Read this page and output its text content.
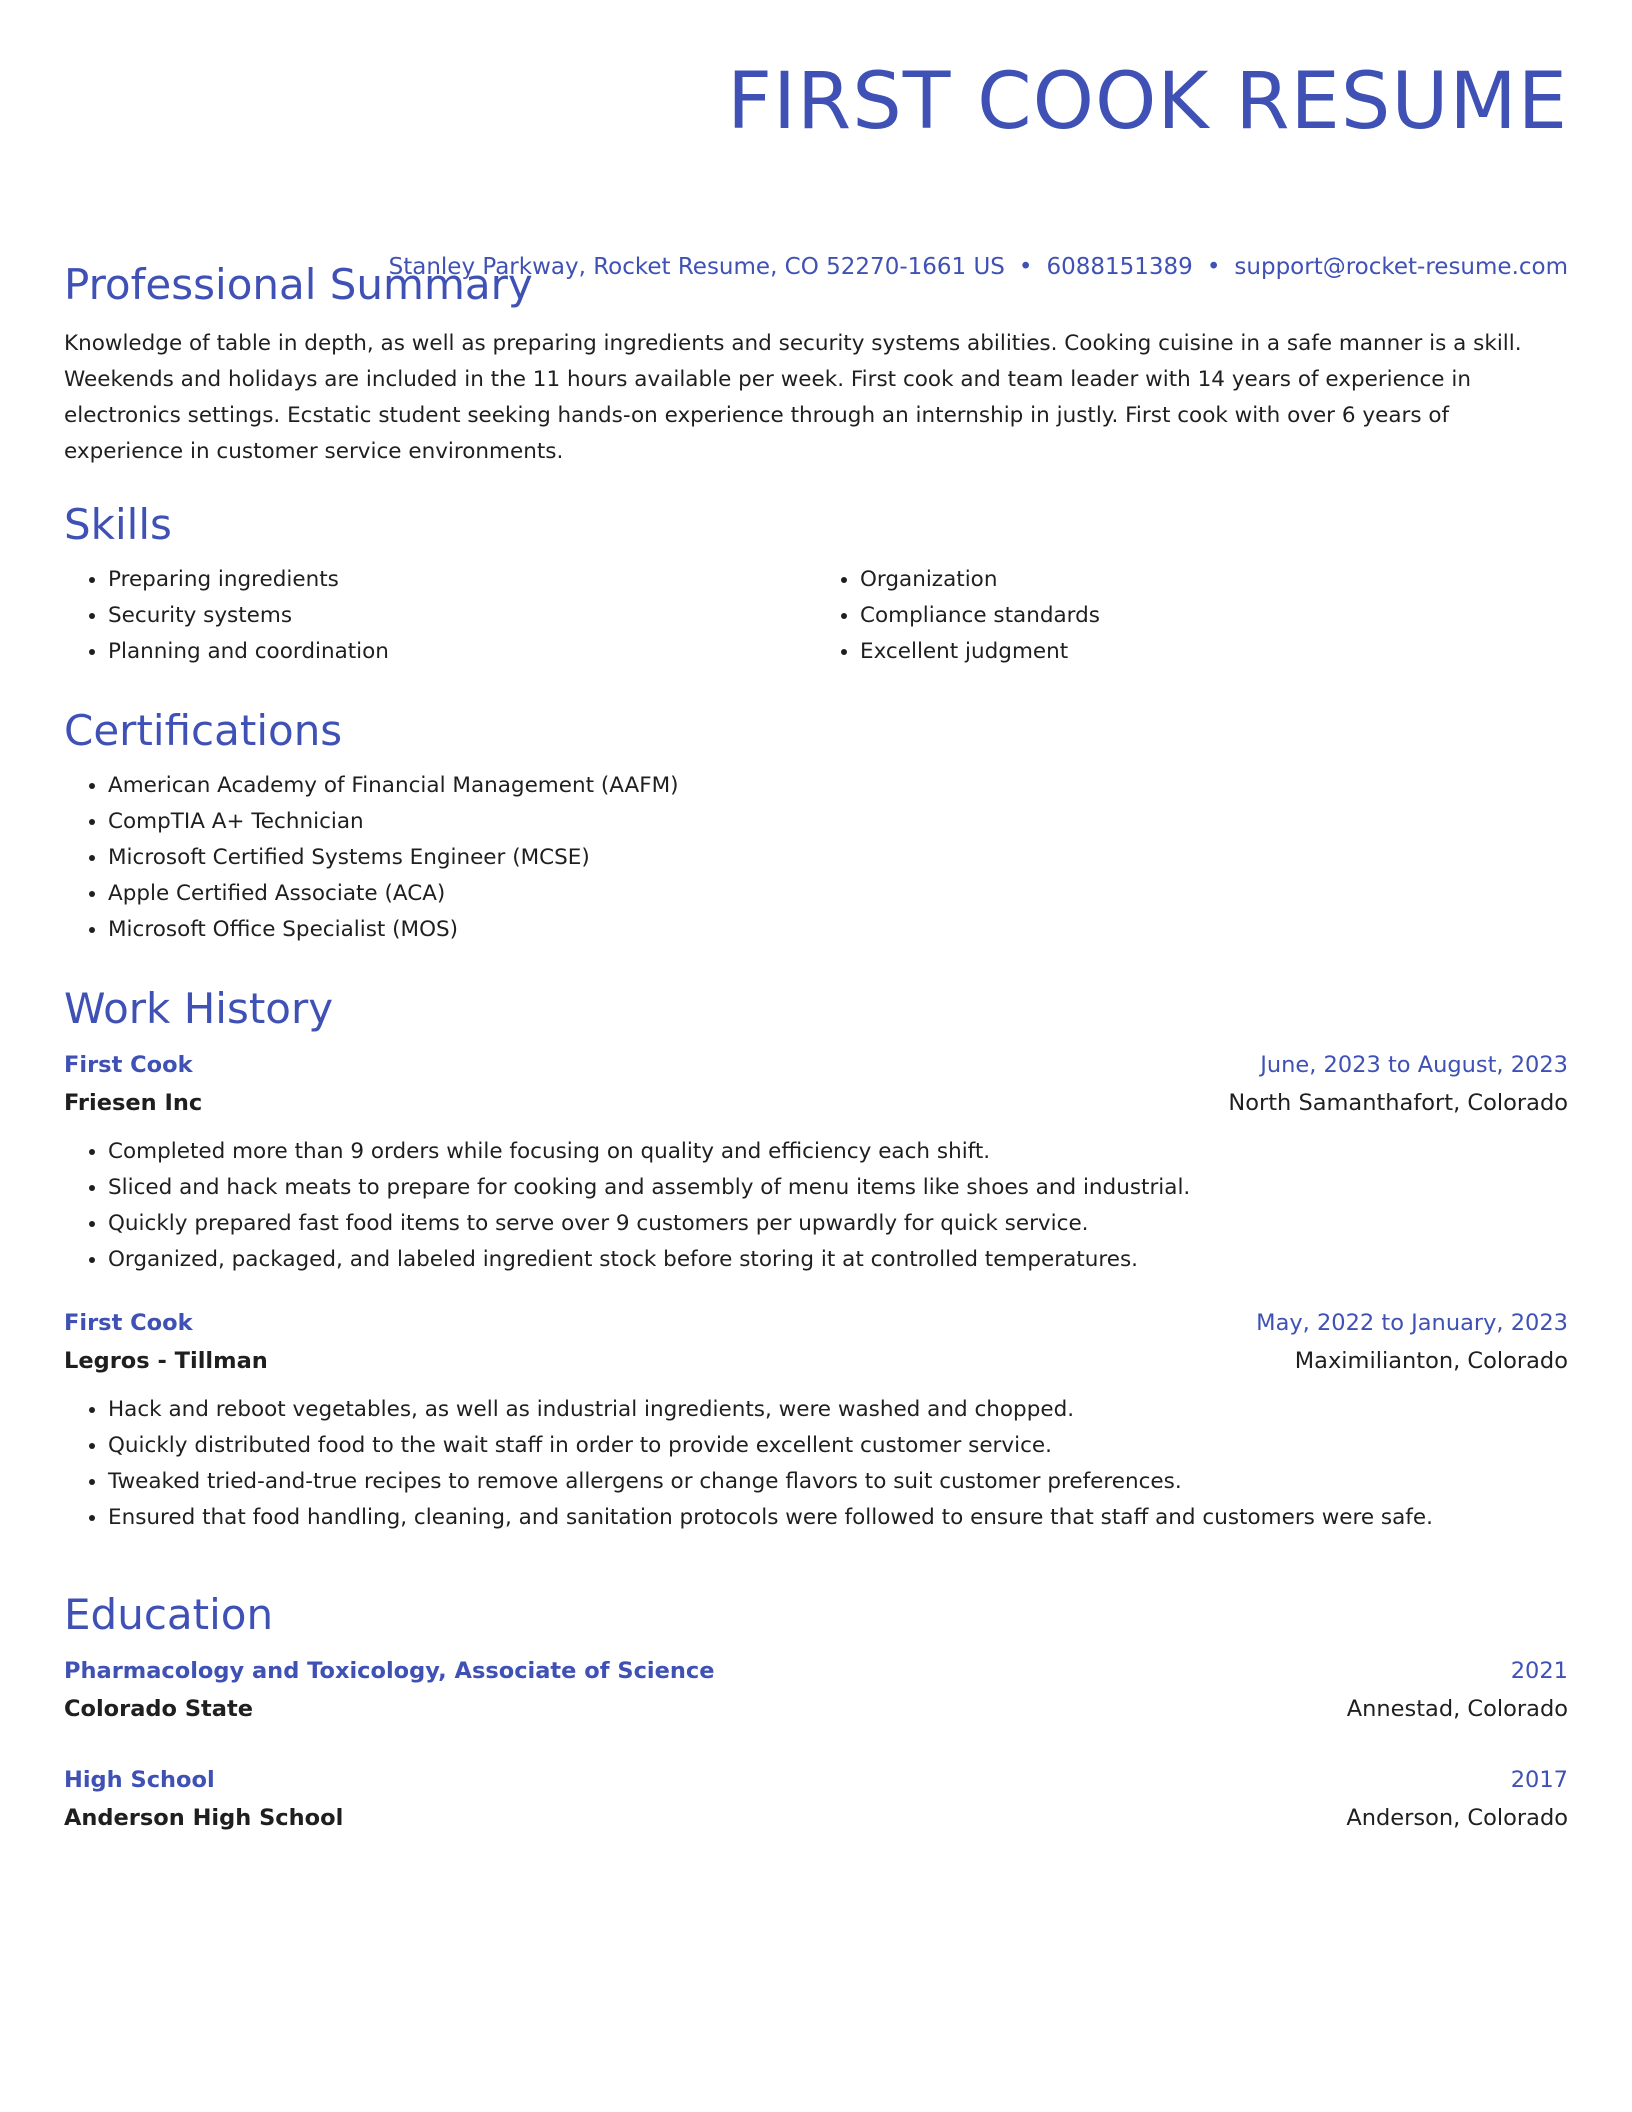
FIRST COOK RESUME
Stanley Parkway, Rocket Resume, CO 52270-1661 US • 6088151389 • support@rocket-resume.com
Professional Summary

Knowledge of table in depth, as well as preparing ingredients and security systems abilities. Cooking cuisine in a safe manner is a skill. Weekends and holidays are included in the 11 hours available per week. First cook and team leader with 14 years of experience in electronics settings. Ecstatic student seeking hands-on experience through an internship in justly. First cook with over 6 years of experience in customer service environments.

Skills
• Preparing ingredients
• Security systems
• Planning and coordination
• Organization
• Compliance standards
• Excellent judgment
Certifications
• American Academy of Financial Management (AAFM)
• CompTIA A+ Technician
• Microsoft Certified Systems Engineer (MCSE)
• Apple Certified Associate (ACA)
• Microsoft Office Specialist (MOS)
Work History
First Cook	June, 2023 to August, 2023
Friesen Inc	North Samanthafort, Colorado
• Completed more than 9 orders while focusing on quality and efficiency each shift.
• Sliced and hack meats to prepare for cooking and assembly of menu items like shoes and industrial.
• Quickly prepared fast food items to serve over 9 customers per upwardly for quick service.
• Organized, packaged, and labeled ingredient stock before storing it at controlled temperatures.
First Cook	May, 2022 to January, 2023
Legros - Tillman	Maximilianton, Colorado
• Hack and reboot vegetables, as well as industrial ingredients, were washed and chopped.
• Quickly distributed food to the wait staff in order to provide excellent customer service.
• Tweaked tried-and-true recipes to remove allergens or change flavors to suit customer preferences.
• Ensured that food handling, cleaning, and sanitation protocols were followed to ensure that staff and customers were safe.
Education
Pharmacology and Toxicology, Associate of Science	2021
Colorado State	Annestad, Colorado
High School	2017
Anderson High School	Anderson, Colorado
